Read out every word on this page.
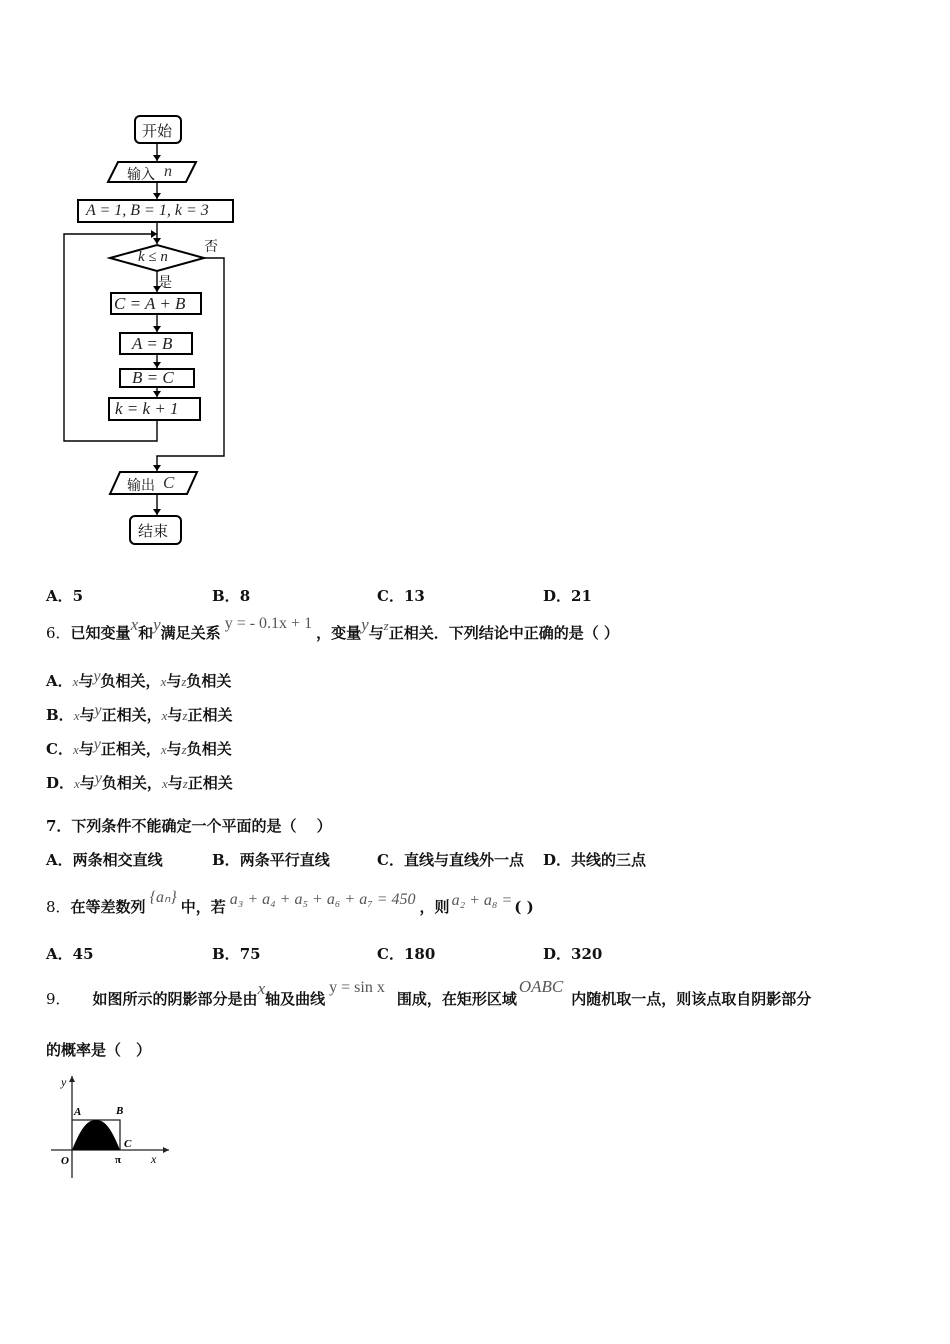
开始
输入 n
A = 1, B = 1, k = 3
k ≤ n
否
是
C = A + B
A = B
B = C
k = k + 1
输出 C
结束
A．5	B．8	C．13	D．21
6．已知变量x和y满足关系y = - 0.1x + 1，变量y与z正相关．下列结论中正确的是（ ）
A．x与y负相关，x与z负相关
B．x与y正相关，x与z正相关
C．x与y正相关，x与z负相关
D．x与y负相关，x与z正相关
7．下列条件不能确定一个平面的是（　 ）
A．两条相交直线	B．两条平行直线	C．直线与直线外一点 D．共线的三点
8．在等差数列{aₙ}中，若 a₃ + a₄ + a₅ + a₆ + a₇ = 450 ，则 a₂ + a₈ = ( )
A．45	B．75	C．180	D．320
9． 如图所示的阴影部分是由x轴及曲线y = sin x围成，在矩形区域OABC内随机取一点，则该点取自阴影部分
的概率是（　）
y
A	B
C
O	π x
